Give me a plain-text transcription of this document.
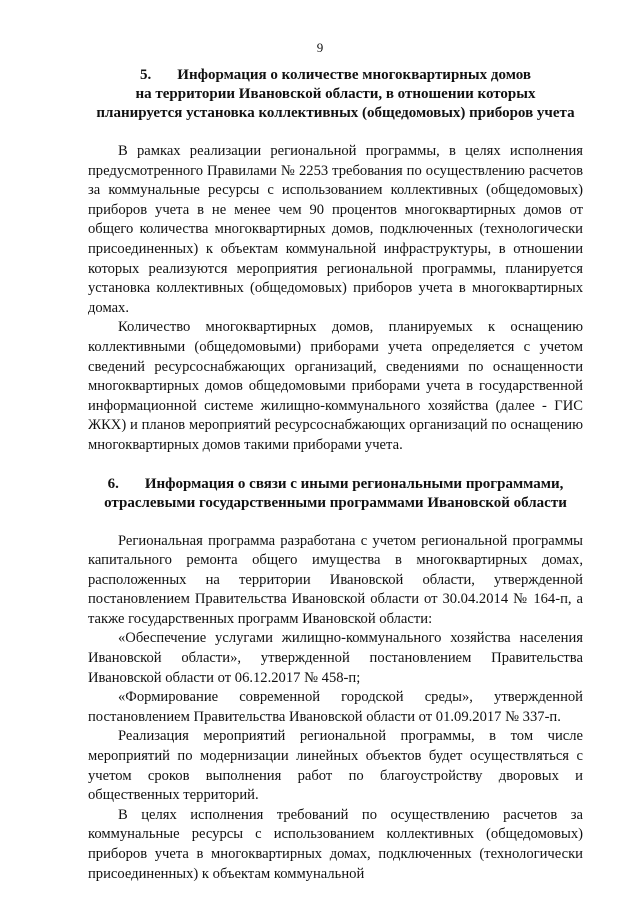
9
5. Информация о количестве многоквартирных домов
на территории Ивановской области, в отношении которых
планируется установка коллективных (общедомовых) приборов учета

В рамках реализации региональной программы, в целях исполнения предусмотренного Правилами № 2253 требования по осуществлению расчетов за коммунальные ресурсы с использованием коллективных (общедомовых) приборов учета в не менее чем 90 процентов многоквартирных домов от общего количества многоквартирных домов, подключенных (технологически присоединенных) к объектам коммунальной инфраструктуры, в отношении которых реализуются мероприятия региональной программы, планируется установка коллективных (общедомовых) приборов учета в многоквартирных домах.

Количество многоквартирных домов, планируемых к оснащению коллективными (общедомовыми) приборами учета определяется с учетом сведений ресурсоснабжающих организаций, сведениями по оснащенности многоквартирных домов общедомовыми приборами учета в государственной информационной системе жилищно-коммунального хозяйства (далее - ГИС ЖКХ) и планов мероприятий ресурсоснабжающих организаций по оснащению многоквартирных домов такими приборами учета.

6. Информация о связи с иными региональными программами,
отраслевыми государственными программами Ивановской области

Региональная программа разработана с учетом региональной программы капитального ремонта общего имущества в многоквартирных домах, расположенных на территории Ивановской области, утвержденной постановлением Правительства Ивановской области от 30.04.2014 № 164-п, а также государственных программ Ивановской области:

«Обеспечение услугами жилищно-коммунального хозяйства населения Ивановской области», утвержденной постановлением Правительства Ивановской области от 06.12.2017 № 458-п;

«Формирование современной городской среды», утвержденной постановлением Правительства Ивановской области от 01.09.2017 № 337-п.

Реализация мероприятий региональной программы, в том числе мероприятий по модернизации линейных объектов будет осуществляться с учетом сроков выполнения работ по благоустройству дворовых и общественных территорий.

В целях исполнения требований по осуществлению расчетов за коммунальные ресурсы с использованием коллективных (общедомовых) приборов учета в многоквартирных домах, подключенных (технологически присоединенных) к объектам коммунальной
